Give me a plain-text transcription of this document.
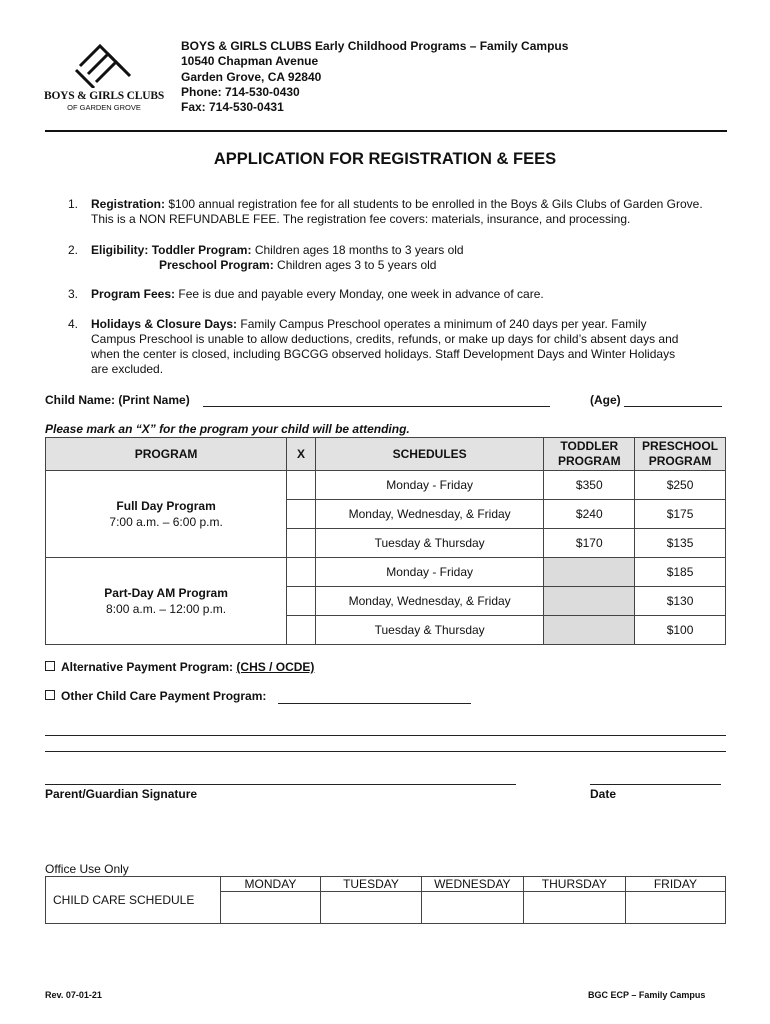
BOYS & GIRLS CLUBS
OF GARDEN GROVE
BOYS & GIRLS CLUBS Early Childhood Programs – Family Campus
10540 Chapman Avenue
Garden Grove, CA 92840
Phone: 714-530-0430
Fax: 714-530-0431
APPLICATION FOR REGISTRATION & FEES
1. Registration: $100 annual registration fee for all students to be enrolled in the Boys & Gils Clubs of Garden Grove. This is a NON REFUNDABLE FEE. The registration fee covers: materials, insurance, and processing.
2. Eligibility: Toddler Program: Children ages 18 months to 3 years old
Preschool Program: Children ages 3 to 5 years old
3. Program Fees: Fee is due and payable every Monday, one week in advance of care.
4. Holidays & Closure Days: Family Campus Preschool operates a minimum of 240 days per year. Family Campus Preschool is unable to allow deductions, credits, refunds, or make up days for child’s absent days and when the center is closed, including BGCGG observed holidays. Staff Development Days and Winter Holidays are excluded.
Child Name: (Print Name)	(Age)
Please mark an “X” for the program your child will be attending.
PROGRAM	X	SCHEDULES	TODDLER PROGRAM	PRESCHOOL PROGRAM

Full Day Program
7:00 a.m. – 6:00 p.m.		Monday - Friday	$350	$250
		Monday, Wednesday, & Friday	$240	$175
		Tuesday & Thursday	$170	$135

Part-Day AM Program
8:00 a.m. – 12:00 p.m.		Monday - Friday		$185
		Monday, Wednesday, & Friday		$130
		Tuesday & Thursday		$100
Alternative Payment Program: (CHS / OCDE)
Other Child Care Payment Program:
Parent/Guardian Signature	Date
Office Use Only
CHILD CARE SCHEDULE	MONDAY	TUESDAY	WEDNESDAY	THURSDAY	FRIDAY

Rev. 07-01-21	BGC ECP – Family Campus
